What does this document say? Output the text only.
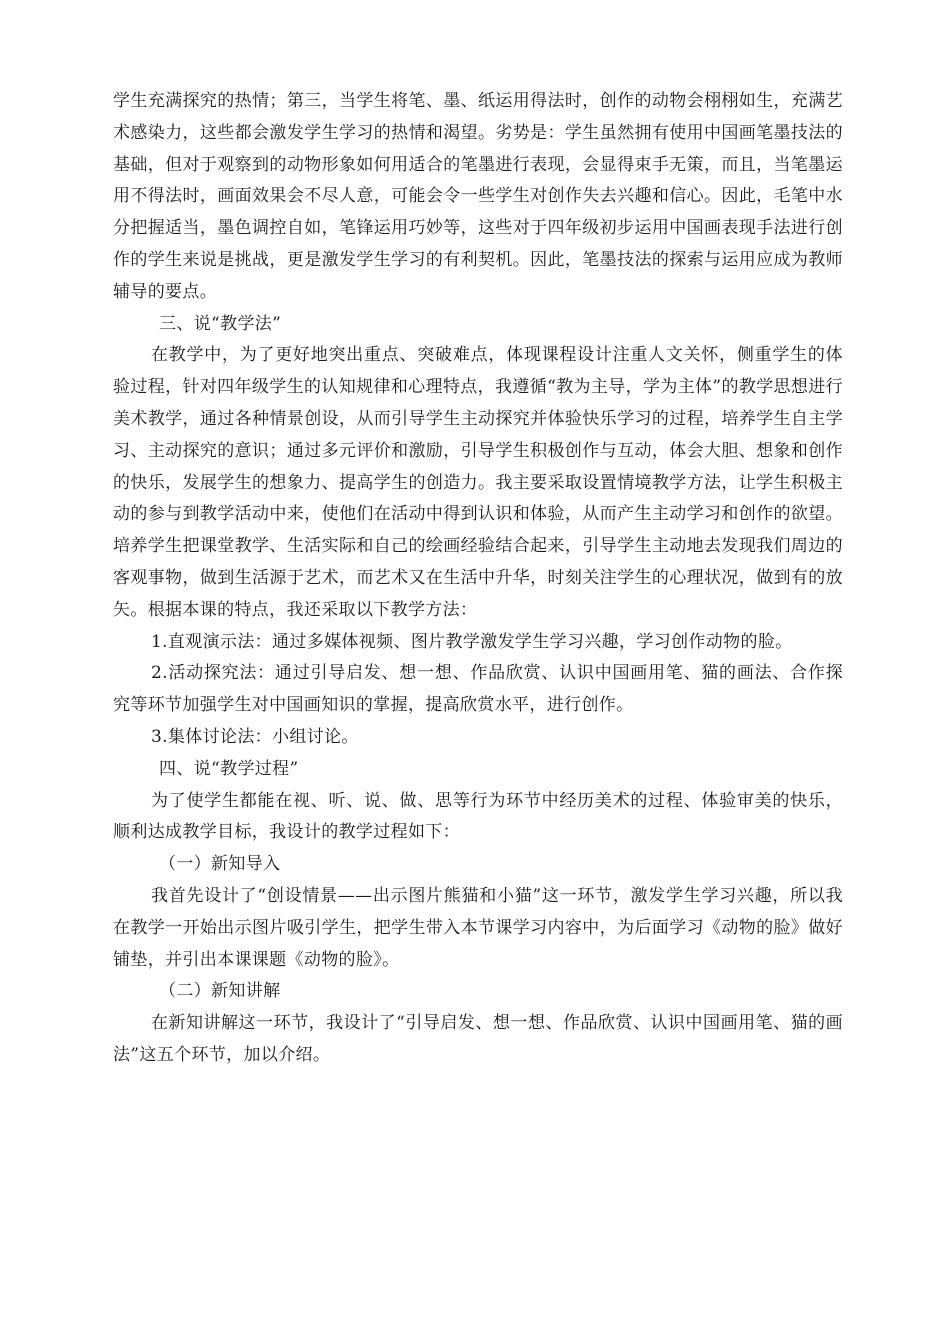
学生充满探究的热情；第三，当学生将笔、墨、纸运用得法时，创作的动物会栩栩如生，充满艺术感染力，这些都会激发学生学习的热情和渴望。劣势是：学生虽然拥有使用中国画笔墨技法的基础，但对于观察到的动物形象如何用适合的笔墨进行表现，会显得束手无策，而且，当笔墨运用不得法时，画面效果会不尽人意，可能会令一些学生对创作失去兴趣和信心。因此，毛笔中水分把握适当，墨色调控自如，笔锋运用巧妙等，这些对于四年级初步运用中国画表现手法进行创作的学生来说是挑战，更是激发学生学习的有利契机。因此，笔墨技法的探索与运用应成为教师辅导的要点。

三、说“教学法”

在教学中，为了更好地突出重点、突破难点，体现课程设计注重人文关怀，侧重学生的体验过程，针对四年级学生的认知规律和心理特点，我遵循“教为主导，学为主体”的教学思想进行美术教学，通过各种情景创设，从而引导学生主动探究并体验快乐学习的过程，培养学生自主学习、主动探究的意识；通过多元评价和激励，引导学生积极创作与互动，体会大胆、想象和创作的快乐，发展学生的想象力、提高学生的创造力。我主要采取设置情境教学方法，让学生积极主动的参与到教学活动中来，使他们在活动中得到认识和体验，从而产生主动学习和创作的欲望。培养学生把课堂教学、生活实际和自己的绘画经验结合起来，引导学生主动地去发现我们周边的客观事物，做到生活源于艺术，而艺术又在生活中升华，时刻关注学生的心理状况，做到有的放矢。根据本课的特点，我还采取以下教学方法：

1.直观演示法：通过多媒体视频、图片教学激发学生学习兴趣，学习创作动物的脸。

2.活动探究法：通过引导启发、想一想、作品欣赏、认识中国画用笔、猫的画法、合作探究等环节加强学生对中国画知识的掌握，提高欣赏水平，进行创作。

3.集体讨论法：小组讨论。

四、说“教学过程”

为了使学生都能在视、听、说、做、思等行为环节中经历美术的过程、体验审美的快乐，顺利达成教学目标，我设计的教学过程如下：

（一）新知导入

我首先设计了“创设情景——出示图片熊猫和小猫”这一环节，激发学生学习兴趣，所以我在教学一开始出示图片吸引学生，把学生带入本节课学习内容中，为后面学习《动物的脸》做好铺垫，并引出本课课题《动物的脸》。

（二）新知讲解

在新知讲解这一环节，我设计了“引导启发、想一想、作品欣赏、认识中国画用笔、猫的画法”这五个环节，加以介绍。
